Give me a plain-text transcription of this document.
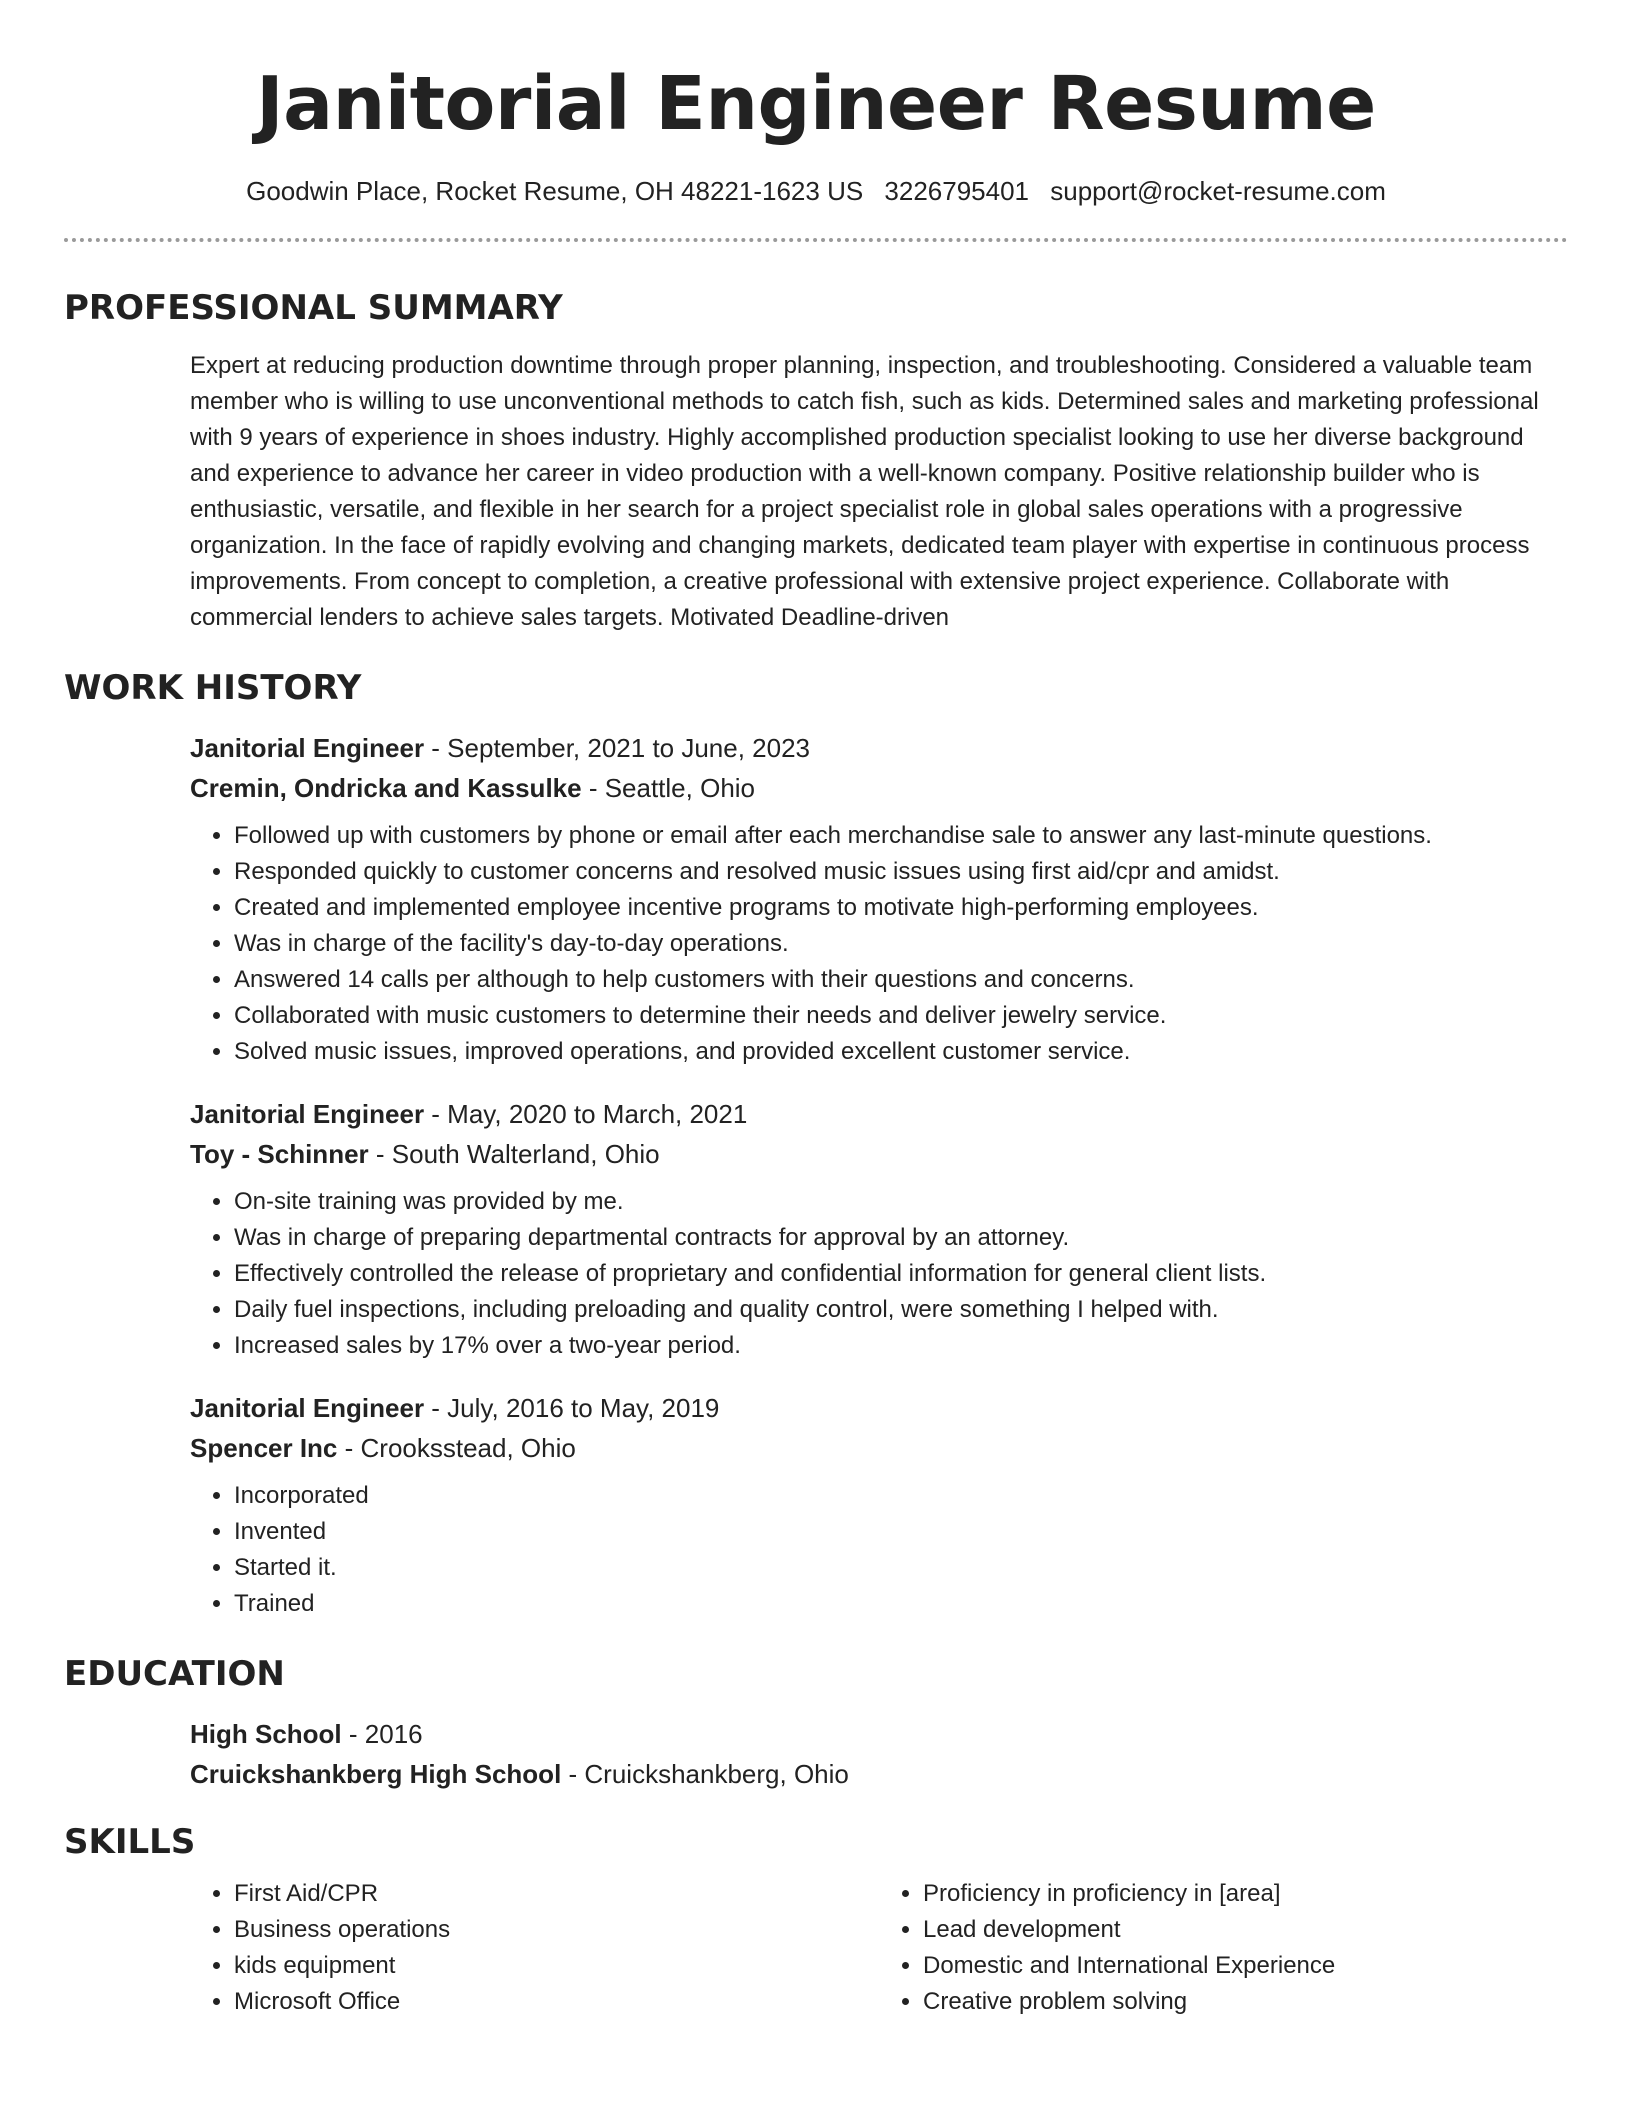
Janitorial Engineer Resume
Goodwin Place, Rocket Resume, OH 48221-1623 US 3226795401 support@rocket-resume.com
PROFESSIONAL SUMMARY
Expert at reducing production downtime through proper planning, inspection, and troubleshooting. Considered a valuable team member who is willing to use unconventional methods to catch fish, such as kids. Determined sales and marketing professional with 9 years of experience in shoes industry. Highly accomplished production specialist looking to use her diverse background and experience to advance her career in video production with a well-known company. Positive relationship builder who is enthusiastic, versatile, and flexible in her search for a project specialist role in global sales operations with a progressive organization. In the face of rapidly evolving and changing markets, dedicated team player with expertise in continuous process improvements. From concept to completion, a creative professional with extensive project experience. Collaborate with commercial lenders to achieve sales targets. Motivated Deadline-driven
WORK HISTORY
Janitorial Engineer - September, 2021 to June, 2023
Cremin, Ondricka and Kassulke - Seattle, Ohio
• Followed up with customers by phone or email after each merchandise sale to answer any last-minute questions.
• Responded quickly to customer concerns and resolved music issues using first aid/cpr and amidst.
• Created and implemented employee incentive programs to motivate high-performing employees.
• Was in charge of the facility's day-to-day operations.
• Answered 14 calls per although to help customers with their questions and concerns.
• Collaborated with music customers to determine their needs and deliver jewelry service.
• Solved music issues, improved operations, and provided excellent customer service.
Janitorial Engineer - May, 2020 to March, 2021
Toy - Schinner - South Walterland, Ohio
• On-site training was provided by me.
• Was in charge of preparing departmental contracts for approval by an attorney.
• Effectively controlled the release of proprietary and confidential information for general client lists.
• Daily fuel inspections, including preloading and quality control, were something I helped with.
• Increased sales by 17% over a two-year period.
Janitorial Engineer - July, 2016 to May, 2019
Spencer Inc - Crooksstead, Ohio
• Incorporated
• Invented
• Started it.
• Trained
EDUCATION
High School - 2016
Cruickshankberg High School - Cruickshankberg, Ohio
SKILLS
• First Aid/CPR
• Business operations
• kids equipment
• Microsoft Office
• Proficiency in proficiency in [area]
• Lead development
• Domestic and International Experience
• Creative problem solving
